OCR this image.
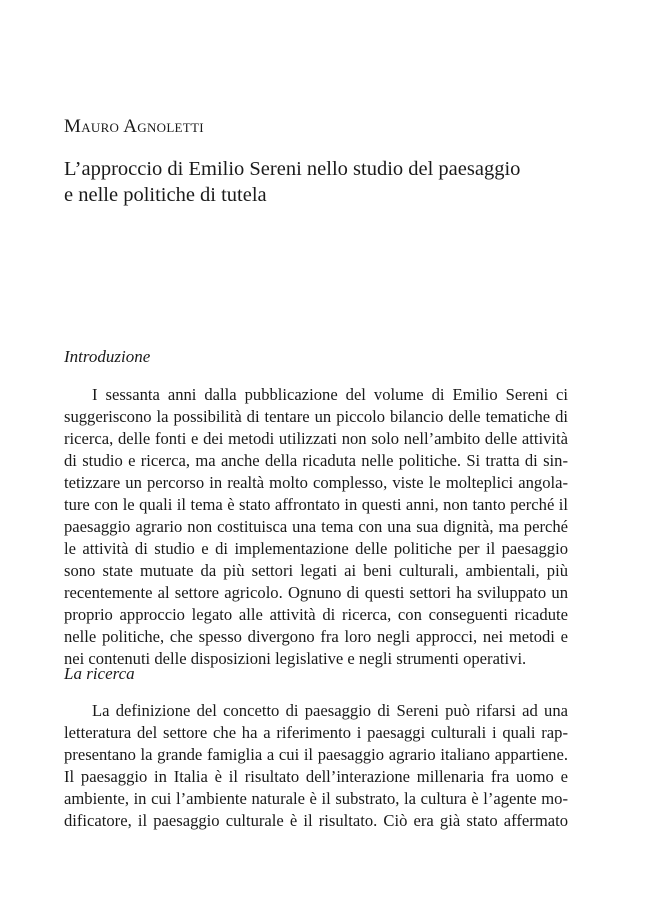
Mauro Agnoletti
L’approccio di Emilio Sereni nello studio del paesaggio
e nelle politiche di tutela
Introduzione
I sessanta anni dalla pubblicazione del volume di Emilio Sereni ci
suggeriscono la possibilità di tentare un piccolo bilancio delle tematiche di
ricerca, delle fonti e dei metodi utilizzati non solo nell’ambito delle attività
di studio e ricerca, ma anche della ricaduta nelle politiche. Si tratta di sin-
tetizzare un percorso in realtà molto complesso, viste le molteplici angola-
ture con le quali il tema è stato affrontato in questi anni, non tanto perché il
paesaggio agrario non costituisca una tema con una sua dignità, ma perché
le attività di studio e di implementazione delle politiche per il paesaggio
sono state mutuate da più settori legati ai beni culturali, ambientali, più
recentemente al settore agricolo. Ognuno di questi settori ha sviluppato un
proprio approccio legato alle attività di ricerca, con conseguenti ricadute
nelle politiche, che spesso divergono fra loro negli approcci, nei metodi e
nei contenuti delle disposizioni legislative e negli strumenti operativi.
La ricerca
La definizione del concetto di paesaggio di Sereni può rifarsi ad una
letteratura del settore che ha a riferimento i paesaggi culturali i quali rap-
presentano la grande famiglia a cui il paesaggio agrario italiano appartiene.
Il paesaggio in Italia è il risultato dell’interazione millenaria fra uomo e
ambiente, in cui l’ambiente naturale è il substrato, la cultura è l’agente mo-
dificatore, il paesaggio culturale è il risultato. Ciò era già stato affermato
